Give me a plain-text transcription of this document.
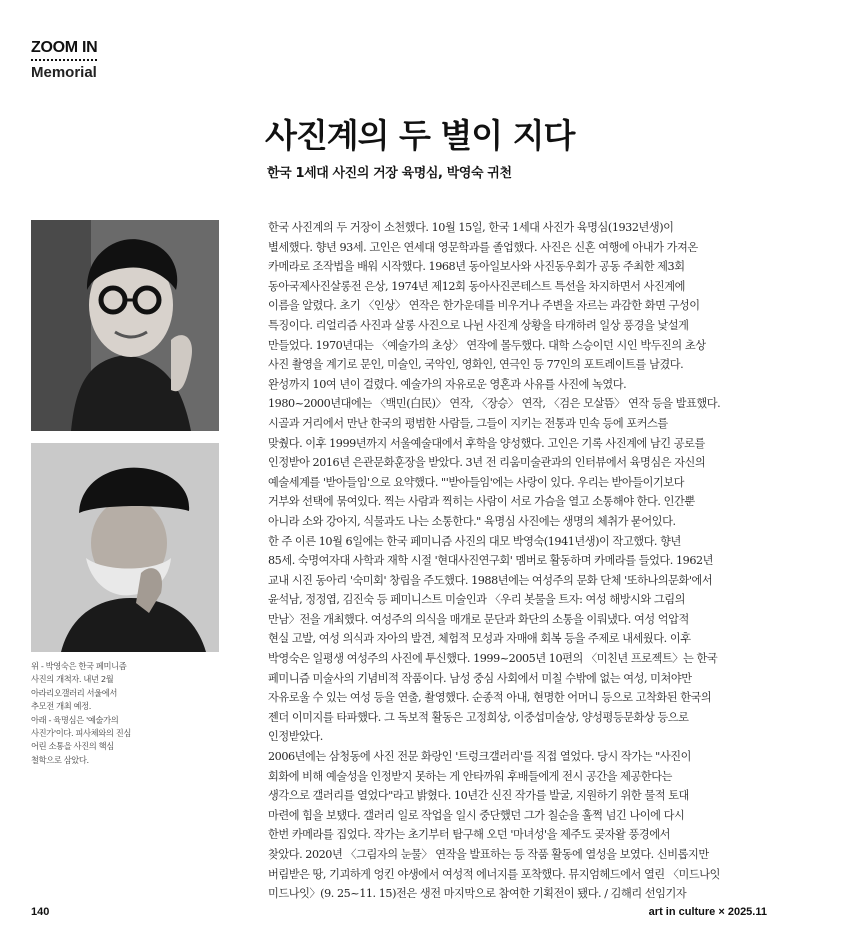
ZOOM IN
Memorial
사진계의 두 별이 지다
한국 1세대 사진의 거장 육명심, 박영숙 귀천

위 - 박영숙은 한국 페미니즘

사진의 개척자. 내년 2월

아라리오갤러리 서울에서

추모전 개최 예정.

아래 - 육명심은 '예술가의

사진가'이다. 피사체와의 진심

어린 소통을 사진의 핵심

철학으로 삼았다.

한국 사진계의 두 거장이 소천했다. 10월 15일, 한국 1세대 사진가 육명심(1932년생)이
별세했다. 향년 93세. 고인은 연세대 영문학과를 졸업했다. 사진은 신혼 여행에 아내가 가져온
카메라로 조작법을 배워 시작했다. 1968년 동아일보사와 사진동우회가 공동 주최한 제3회
동아국제사진살롱전 은상, 1974년 제12회 동아사진콘테스트 특선을 차지하면서 사진계에
이름을 알렸다. 초기 〈인상〉 연작은 한가운데를 비우거나 주변을 자르는 과감한 화면 구성이
특징이다. 리얼리즘 사진과 살롱 사진으로 나뉜 사진계 상황을 타개하려 일상 풍경을 낯설게
만들었다. 1970년대는 〈예술가의 초상〉 연작에 몰두했다. 대학 스승이던 시인 박두진의 초상
사진 촬영을 계기로 문인, 미술인, 국악인, 영화인, 연극인 등 77인의 포트레이트를 남겼다.
완성까지 10여 년이 걸렸다. 예술가의 자유로운 영혼과 사유를 사진에 녹였다.
1980~2000년대에는 〈백민(白民)〉 연작, 〈장승〉 연작, 〈검은 모살뜸〉 연작 등을 발표했다.
시골과 거리에서 만난 한국의 평범한 사람들, 그들이 지키는 전통과 민속 등에 포커스를
맞췄다. 이후 1999년까지 서울예술대에서 후학을 양성했다. 고인은 기록 사진계에 남긴 공로를
인정받아 2016년 은관문화훈장을 받았다. 3년 전 리움미술관과의 인터뷰에서 육명심은 자신의
예술세계를 '받아들임'으로 요약했다. "'받아들임'에는 사랑이 있다. 우리는 받아들이기보다
거부와 선택에 묶여있다. 찍는 사람과 찍히는 사람이 서로 가슴을 열고 소통해야 한다. 인간뿐
아니라 소와 강아지, 식물과도 나는 소통한다." 육명심 사진에는 생명의 체취가 묻어있다.
한 주 이른 10월 6일에는 한국 페미니즘 사진의 대모 박영숙(1941년생)이 작고했다. 향년
85세. 숙명여자대 사학과 재학 시절 '현대사진연구회' 멤버로 활동하며 카메라를 들었다. 1962년
교내 시진 동아리 '숙미회' 창립을 주도했다. 1988년에는 여성주의 문화 단체 '또하나의문화'에서
윤석남, 정정엽, 김진숙 등 페미니스트 미술인과 〈우리 봇물을 트자: 여성 해방시와 그림의
만남〉전을 개최했다. 여성주의 의식을 매개로 문단과 화단의 소통을 이뤄냈다. 여성 억압적
현실 고발, 여성 의식과 자아의 발견, 체험적 모성과 자매애 회복 등을 주제로 내세웠다. 이후
박영숙은 일평생 여성주의 사진에 투신했다. 1999~2005년 10편의 〈미친년 프로젝트〉는 한국
페미니즘 미술사의 기념비적 작품이다. 남성 중심 사회에서 미칠 수밖에 없는 여성, 미쳐야만
자유로울 수 있는 여성 등을 연출, 촬영했다. 순종적 아내, 현명한 어머니 등으로 고착화된 한국의
젠더 이미지를 타파했다. 그 독보적 활동은 고정희상, 이중섭미술상, 양성평등문화상 등으로
인정받았다.
2006년에는 삼청동에 사진 전문 화랑인 '트렁크갤러리'를 직접 열었다. 당시 작가는 "사진이
회화에 비해 예술성을 인정받지 못하는 게 안타까워 후배들에게 전시 공간을 제공한다는
생각으로 갤러리를 열었다"라고 밝혔다. 10년간 신진 작가를 발굴, 지원하기 위한 물적 토대
마련에 힘을 보탰다. 갤러리 일로 작업을 일시 중단했던 그가 칠순을 훌쩍 넘긴 나이에 다시
한번 카메라를 집었다. 작가는 초기부터 탐구해 오던 '마녀성'을 제주도 곶자왈 풍경에서
찾았다. 2020년 〈그림자의 눈물〉 연작을 발표하는 등 작품 활동에 열성을 보였다. 신비롭지만
버림받은 땅, 기괴하게 엉킨 야생에서 여성적 에너지를 포착했다. 뮤지엄헤드에서 열린 〈미드나잇
미드나잇〉(9. 25~11. 15)전은 생전 마지막으로 참여한 기획전이 됐다. / 김해리 선임기자
140	art in culture × 2025.11
